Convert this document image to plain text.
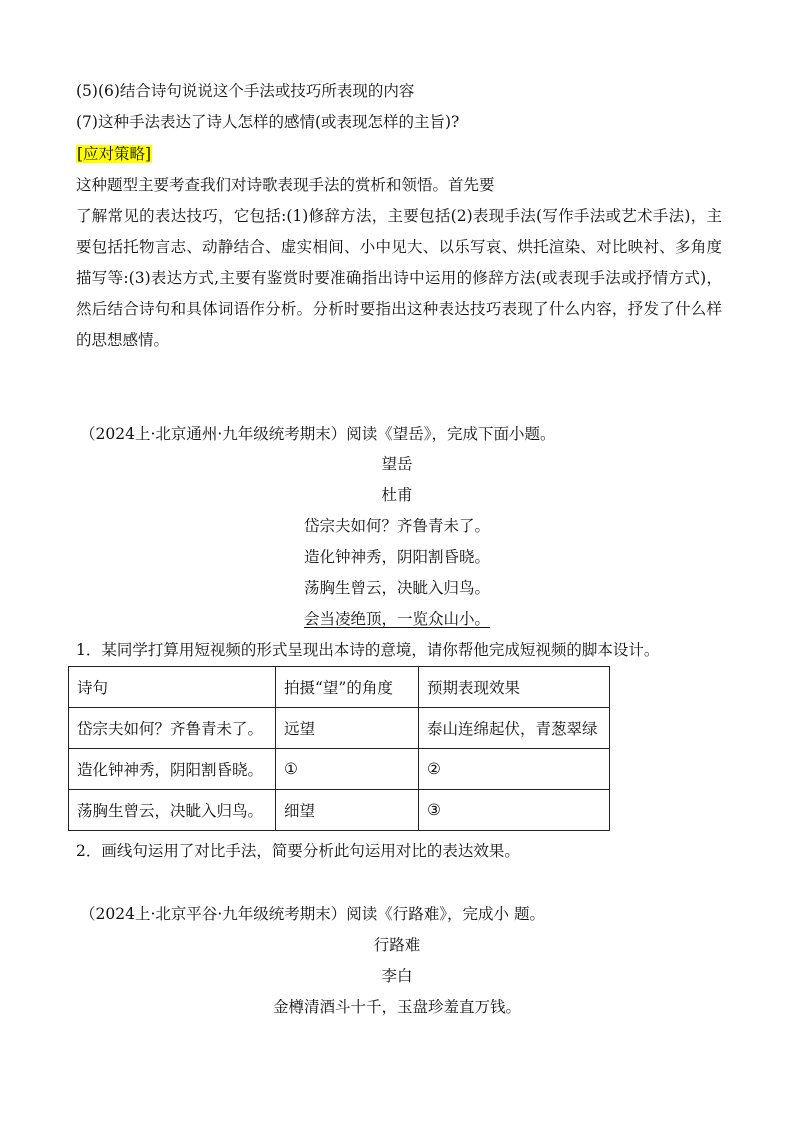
(5)(6)结合诗句说说这个手法或技巧所表现的内容
(7)这种手法表达了诗人怎样的感情(或表现怎样的主旨)?
[应对策略]
这种题型主要考查我们对诗歌表现手法的赏析和领悟。首先要
了解常见的表达技巧，它包括:(1)修辞方法，主要包括(2)表现手法(写作手法或艺术手法)，主要包括托物言志、动静结合、虚实相间、小中见大、以乐写哀、烘托渲染、对比映衬、多角度描写等:(3)表达方式,主要有鉴赏时要准确指出诗中运用的修辞方法(或表现手法或抒情方式)，然后结合诗句和具体词语作分析。分析时要指出这种表达技巧表现了什么内容，抒发了什么样的思想感情。
（2024上·北京通州·九年级统考期末）阅读《望岳》，完成下面小题。
望岳
杜甫
岱宗夫如何？齐鲁青未了。
造化钟神秀，阴阳割昏晓。
荡胸生曾云，决眦入归鸟。
会当凌绝顶，一览众山小。
1．某同学打算用短视频的形式呈现出本诗的意境，请你帮他完成短视频的脚本设计。
诗句	拍摄“望”的角度	预期表现效果
岱宗夫如何？齐鲁青未了。	远望	泰山连绵起伏，青葱翠绿
造化钟神秀，阴阳割昏晓。	①	②
荡胸生曾云，决眦入归鸟。	细望	③
2．画线句运用了对比手法，简要分析此句运用对比的表达效果。
（2024上·北京平谷·九年级统考期末）阅读《行路难》，完成小 题。
行路难
李白
金樽清酒斗十千，玉盘珍羞直万钱。
